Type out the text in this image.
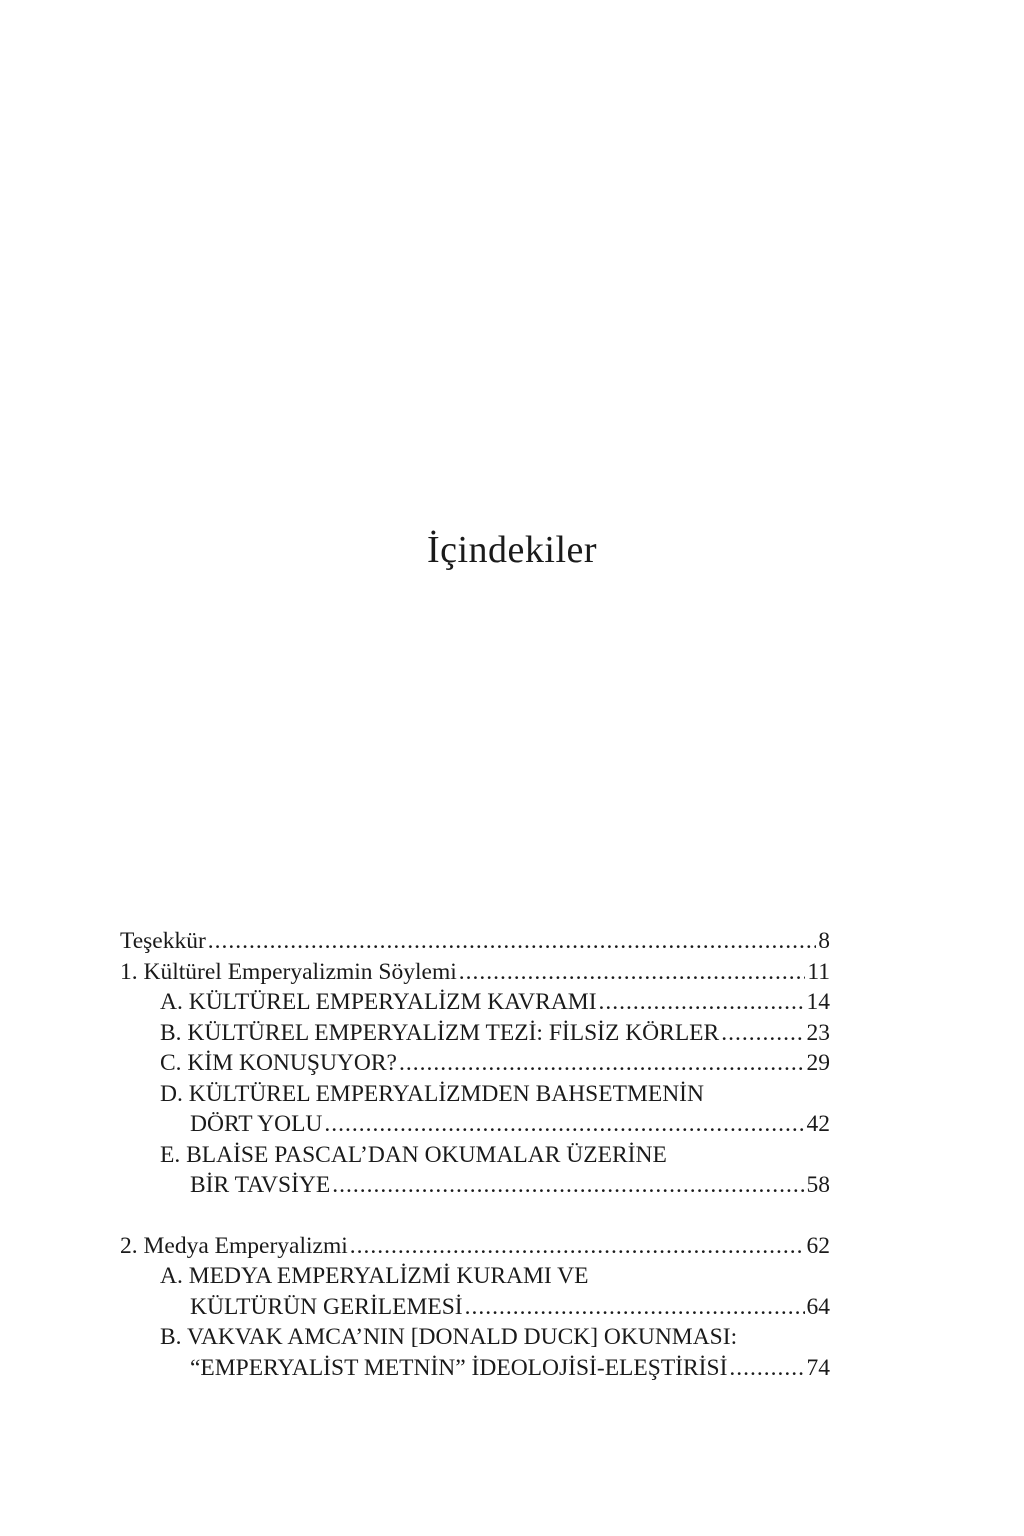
İçindekiler
Teşekkür .....	8
1. Kültürel Emperyalizmin Söylemi .....	11
A. KÜLTÜREL EMPERYALİZM KAVRAMI .....	14
B. KÜLTÜREL EMPERYALİZM TEZİ: FİLSİZ KÖRLER .....	23
C. KİM KONUŞUYOR? .....	29
D. KÜLTÜREL EMPERYALİZMDEN BAHSETMENİN
DÖRT YOLU .....	42
E. BLAİSE PASCAL’DAN OKUMALAR ÜZERİNE
BİR TAVSİYE .....	58
2. Medya Emperyalizmi .....	62
A. MEDYA EMPERYALİZMİ KURAMI VE
KÜLTÜRÜN GERİLEMESİ .....	64
B. VAKVAK AMCA’NIN [DONALD DUCK] OKUNMASI:
“EMPERYALİST METNİN” İDEOLOJİSİ-ELEŞTİRİSİ .....	74
